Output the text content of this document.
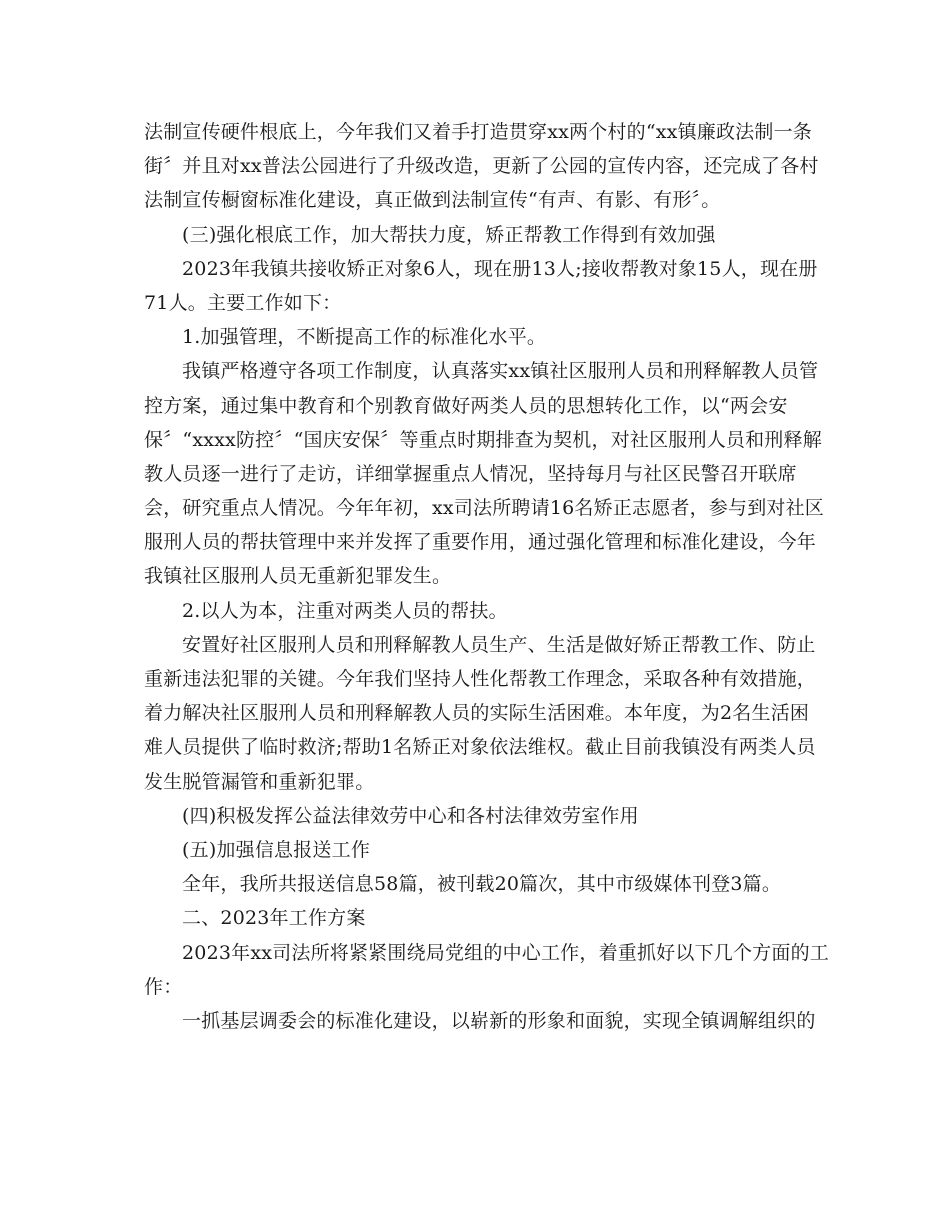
法制宣传硬件根底上，今年我们又着手打造贯穿xx两个村的“xx镇廉政法制一条
街〞并且对xx普法公园进行了升级改造，更新了公园的宣传内容，还完成了各村
法制宣传橱窗标准化建设，真正做到法制宣传“有声、有影、有形〞。
(三)强化根底工作，加大帮扶力度，矫正帮教工作得到有效加强
2023年我镇共接收矫正对象6人，现在册13人;接收帮教对象15人，现在册
71人。主要工作如下：
1.加强管理，不断提高工作的标准化水平。
我镇严格遵守各项工作制度，认真落实xx镇社区服刑人员和刑释解教人员管
控方案，通过集中教育和个别教育做好两类人员的思想转化工作，以“两会安
保〞“xxxx防控〞“国庆安保〞等重点时期排查为契机，对社区服刑人员和刑释解
教人员逐一进行了走访，详细掌握重点人情况，坚持每月与社区民警召开联席
会，研究重点人情况。今年年初，xx司法所聘请16名矫正志愿者，参与到对社区
服刑人员的帮扶管理中来并发挥了重要作用，通过强化管理和标准化建设，今年
我镇社区服刑人员无重新犯罪发生。
2.以人为本，注重对两类人员的帮扶。
安置好社区服刑人员和刑释解教人员生产、生活是做好矫正帮教工作、防止
重新违法犯罪的关键。今年我们坚持人性化帮教工作理念，采取各种有效措施，
着力解决社区服刑人员和刑释解教人员的实际生活困难。本年度，为2名生活困
难人员提供了临时救济;帮助1名矫正对象依法维权。截止目前我镇没有两类人员
发生脱管漏管和重新犯罪。
(四)积极发挥公益法律效劳中心和各村法律效劳室作用
(五)加强信息报送工作
全年，我所共报送信息58篇，被刊载20篇次，其中市级媒体刊登3篇。
二、2023年工作方案
2023年xx司法所将紧紧围绕局党组的中心工作，着重抓好以下几个方面的工
作：
一抓基层调委会的标准化建设，以崭新的形象和面貌，实现全镇调解组织的
